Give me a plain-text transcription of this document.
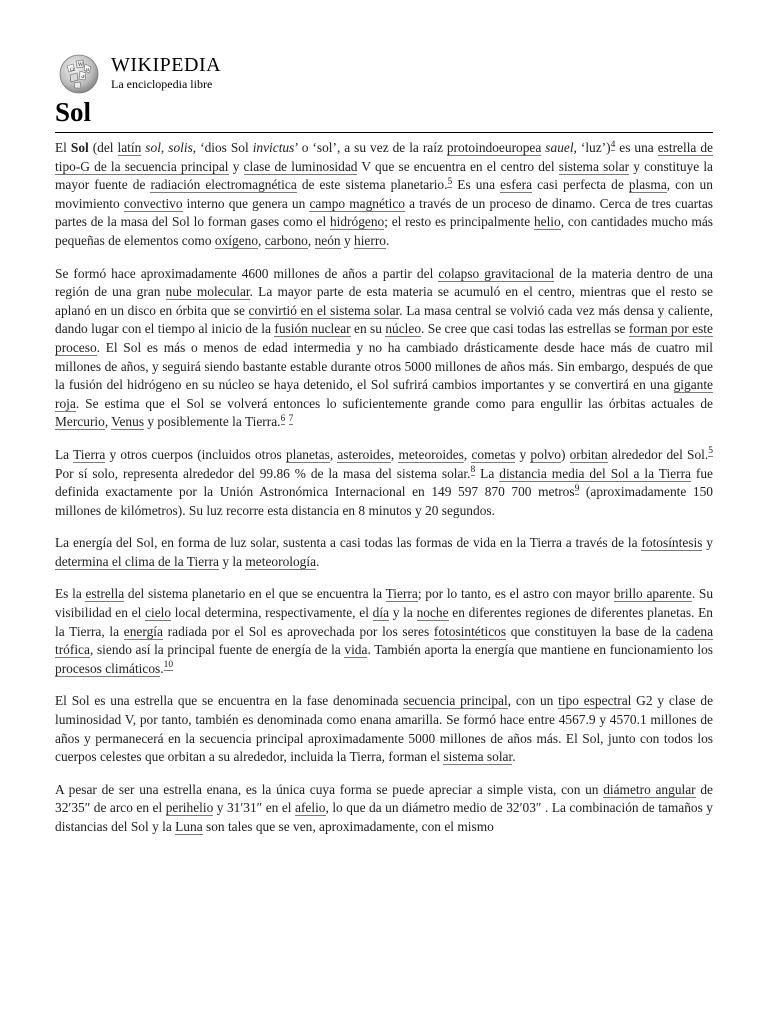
Ω
W
и
ي WIKIPEDIA
La enciclopedia libre
Sol

El Sol (del latín sol, solis, ‘dios Sol invictus’ o ‘sol’, a su vez de la raíz protoindoeuropea sauel, ‘luz’)$^4$ es una estrella de tipo-G de la secuencia principal y clase de luminosidad V que se encuentra en el centro del sistema solar y constituye la mayor fuente de radiación electromagnética de este sistema planetario.$^5$ Es una esfera casi perfecta de plasma, con un movimiento convectivo interno que genera un campo magnético a través de un proceso de dinamo. Cerca de tres cuartas partes de la masa del Sol lo forman gases como el hidrógeno; el resto es principalmente helio, con cantidades mucho más pequeñas de elementos como oxígeno, carbono, neón y hierro.

Se formó hace aproximadamente 4600 millones de años a partir del colapso gravitacional de la materia dentro de una región de una gran nube molecular. La mayor parte de esta materia se acumuló en el centro, mientras que el resto se aplanó en un disco en órbita que se convirtió en el sistema solar. La masa central se volvió cada vez más densa y caliente, dando lugar con el tiempo al inicio de la fusión nuclear en su núcleo. Se cree que casi todas las estrellas se forman por este proceso. El Sol es más o menos de edad intermedia y no ha cambiado drásticamente desde hace más de cuatro mil millones de años, y seguirá siendo bastante estable durante otros 5000 millones de años más. Sin embargo, después de que la fusión del hidrógeno en su núcleo se haya detenido, el Sol sufrirá cambios importantes y se convertirá en una gigante roja. Se estima que el Sol se volverá entonces lo suficientemente grande como para engullir las órbitas actuales de Mercurio, Venus y posiblemente la Tierra.$^6$ $^7$

La Tierra y otros cuerpos (incluidos otros planetas, asteroides, meteoroides, cometas y polvo) orbitan alrededor del Sol.$^5$ Por sí solo, representa alrededor del 99.86 % de la masa del sistema solar.$^8$ La distancia media del Sol a la Tierra fue definida exactamente por la Unión Astronómica Internacional en 149 597 870 700 metros$^9$ (aproximadamente 150 millones de kilómetros). Su luz recorre esta distancia en 8 minutos y 20 segundos.

La energía del Sol, en forma de luz solar, sustenta a casi todas las formas de vida en la Tierra a través de la fotosíntesis y determina el clima de la Tierra y la meteorología.

Es la estrella del sistema planetario en el que se encuentra la Tierra; por lo tanto, es el astro con mayor brillo aparente. Su visibilidad en el cielo local determina, respectivamente, el día y la noche en diferentes regiones de diferentes planetas. En la Tierra, la energía radiada por el Sol es aprovechada por los seres fotosintéticos que constituyen la base de la cadena trófica, siendo así la principal fuente de energía de la vida. También aporta la energía que mantiene en funcionamiento los procesos climáticos.$^{10}$

El Sol es una estrella que se encuentra en la fase denominada secuencia principal, con un tipo espectral G2 y clase de luminosidad V, por tanto, también es denominada como enana amarilla. Se formó hace entre 4567.9 y 4570.1 millones de años y permanecerá en la secuencia principal aproximadamente 5000 millones de años más. El Sol, junto con todos los cuerpos celestes que orbitan a su alrededor, incluida la Tierra, forman el sistema solar.

A pesar de ser una estrella enana, es la única cuya forma se puede apreciar a simple vista, con un diámetro angular de 32′35″ de arco en el perihelio y 31′31″ en el afelio, lo que da un diámetro medio de 32′03″ . La combinación de tamaños y distancias del Sol y la Luna son tales que se ven, aproximadamente, con el mismo
